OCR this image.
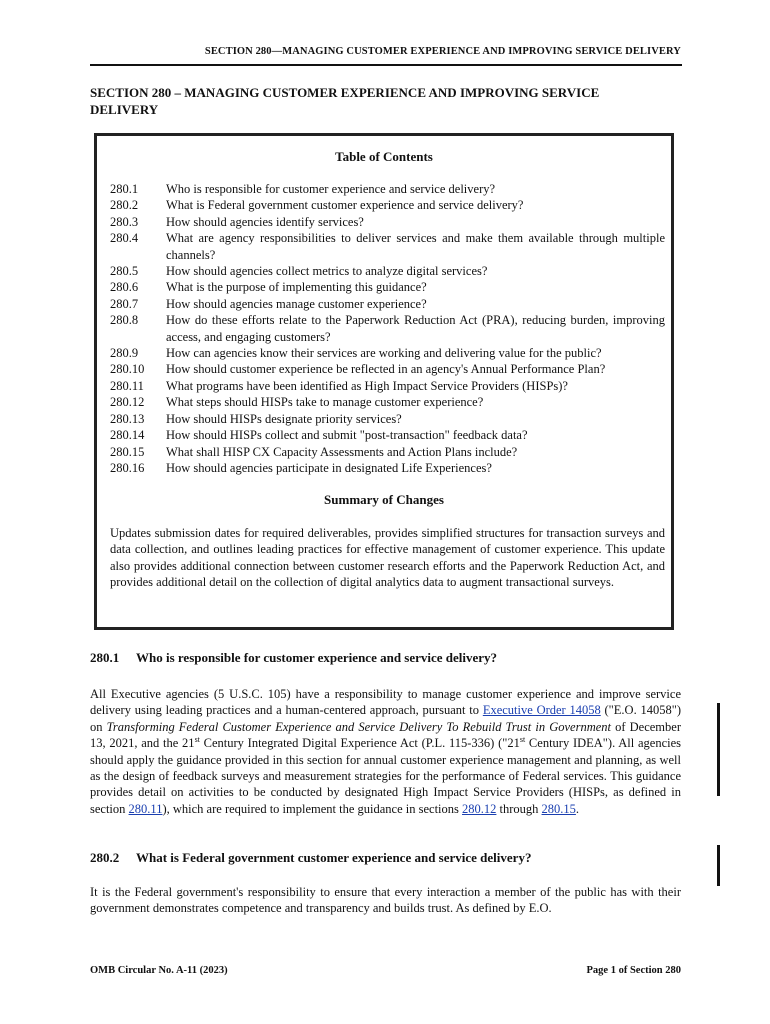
SECTION 280—MANAGING CUSTOMER EXPERIENCE AND IMPROVING SERVICE DELIVERY
SECTION 280 – MANAGING CUSTOMER EXPERIENCE AND IMPROVING SERVICE DELIVERY
Table of Contents
280.1	Who is responsible for customer experience and service delivery?
280.2	What is Federal government customer experience and service delivery?
280.3	How should agencies identify services?
280.4	What are agency responsibilities to deliver services and make them available through multiple channels?
280.5	How should agencies collect metrics to analyze digital services?
280.6	What is the purpose of implementing this guidance?
280.7	How should agencies manage customer experience?
280.8	How do these efforts relate to the Paperwork Reduction Act (PRA), reducing burden, improving access, and engaging customers?
280.9	How can agencies know their services are working and delivering value for the public?
280.10	How should customer experience be reflected in an agency's Annual Performance Plan?
280.11	What programs have been identified as High Impact Service Providers (HISPs)?
280.12	What steps should HISPs take to manage customer experience?
280.13	How should HISPs designate priority services?
280.14	How should HISPs collect and submit "post-transaction" feedback data?
280.15	What shall HISP CX Capacity Assessments and Action Plans include?
280.16	How should agencies participate in designated Life Experiences?
Summary of Changes
Updates submission dates for required deliverables, provides simplified structures for transaction surveys and data collection, and outlines leading practices for effective management of customer experience. This update also provides additional connection between customer research efforts and the Paperwork Reduction Act, and provides additional detail on the collection of digital analytics data to augment transactional surveys.
280.1 Who is responsible for customer experience and service delivery?
All Executive agencies (5 U.S.C. 105) have a responsibility to manage customer experience and improve service delivery using leading practices and a human-centered approach, pursuant to Executive Order 14058 ("E.O. 14058") on Transforming Federal Customer Experience and Service Delivery To Rebuild Trust in Government of December 13, 2021, and the 21st Century Integrated Digital Experience Act (P.L. 115-336) ("21st Century IDEA"). All agencies should apply the guidance provided in this section for annual customer experience management and planning, as well as the design of feedback surveys and measurement strategies for the performance of Federal services. This guidance provides detail on activities to be conducted by designated High Impact Service Providers (HISPs, as defined in section 280.11), which are required to implement the guidance in sections 280.12 through 280.15.
280.2 What is Federal government customer experience and service delivery?
It is the Federal government's responsibility to ensure that every interaction a member of the public has with their government demonstrates competence and transparency and builds trust. As defined by E.O.
OMB Circular No. A-11 (2023)	Page 1 of Section 280
